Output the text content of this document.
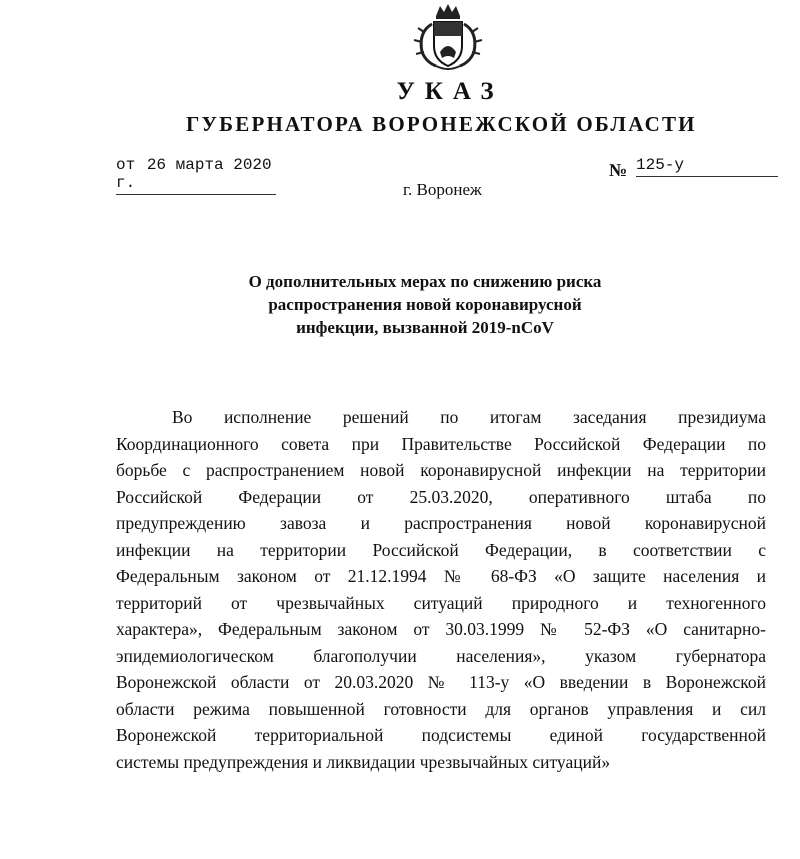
УКАЗ
ГУБЕРНАТОРА ВОРОНЕЖСКОЙ ОБЛАСТИ
от 26 марта 2020 г.
№ 125-у
г. Воронеж
О дополнительных мерах по снижению риска
распространения новой коронавирусной
инфекции, вызванной 2019-nCoV
Во исполнение решений по итогам заседания президиума
Координационного совета при Правительстве Российской Федерации по
борьбе с распространением новой коронавирусной инфекции на территории
Российской Федерации от 25.03.2020, оперативного штаба по
предупреждению завоза и распространения новой коронавирусной
инфекции на территории Российской Федерации, в соответствии с
Федеральным законом от 21.12.1994 № 68-ФЗ «О защите населения и
территорий от чрезвычайных ситуаций природного и техногенного
характера», Федеральным законом от 30.03.1999 № 52-ФЗ «О санитарно-
эпидемиологическом благополучии населения», указом губернатора
Воронежской области от 20.03.2020 № 113-у «О введении в Воронежской
области режима повышенной готовности для органов управления и сил
Воронежской территориальной подсистемы единой государственной
системы предупреждения и ликвидации чрезвычайных ситуаций»
